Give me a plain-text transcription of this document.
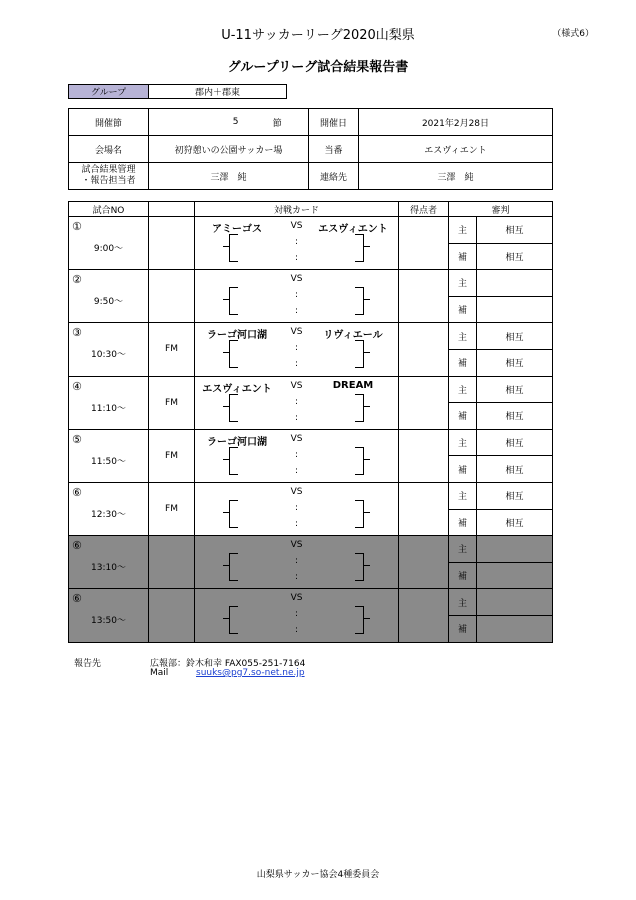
U-11サッカーリーグ2020山梨県	（様式6）
グループリーグ試合結果報告書
グループ	郡内＋郡東
開催節	5	節	開催日	2021年2月28日
会場名	初狩憩いの公園サッカー場		当番	エスヴィエント

試合結果管理
・報告担当者	三澤　純		連絡先	三澤　純
試合NO		対戦カード	得点者	審判	

①
9:00～		アミーゴス VS エスヴィエント
:
:		主	相互
				補	相互

②
9:50～		VS
:
:		主	
				補	

③
10:30～	FM	ラーゴ河口湖 VS リヴィエール
:
:		主	相互
				補	相互

④
11:10～	FM	エスヴィエント VS DREAM
:
:		主	相互
				補	相互

⑤
11:50～	FM	ラーゴ河口湖 VS
:
:		主	相互
				補	相互

⑥
12:30～	FM	VS
:
:		主	相互
				補	相互

⑥
13:10～		VS
:
:		主	
				補	

⑥
13:50～		VS
:
:		主	
				補	
報告先	広報部：鈴木和幸 FAX055-251-7164
Mail	suuks@pg7.so-net.ne.jp
山梨県サッカー協会4種委員会
